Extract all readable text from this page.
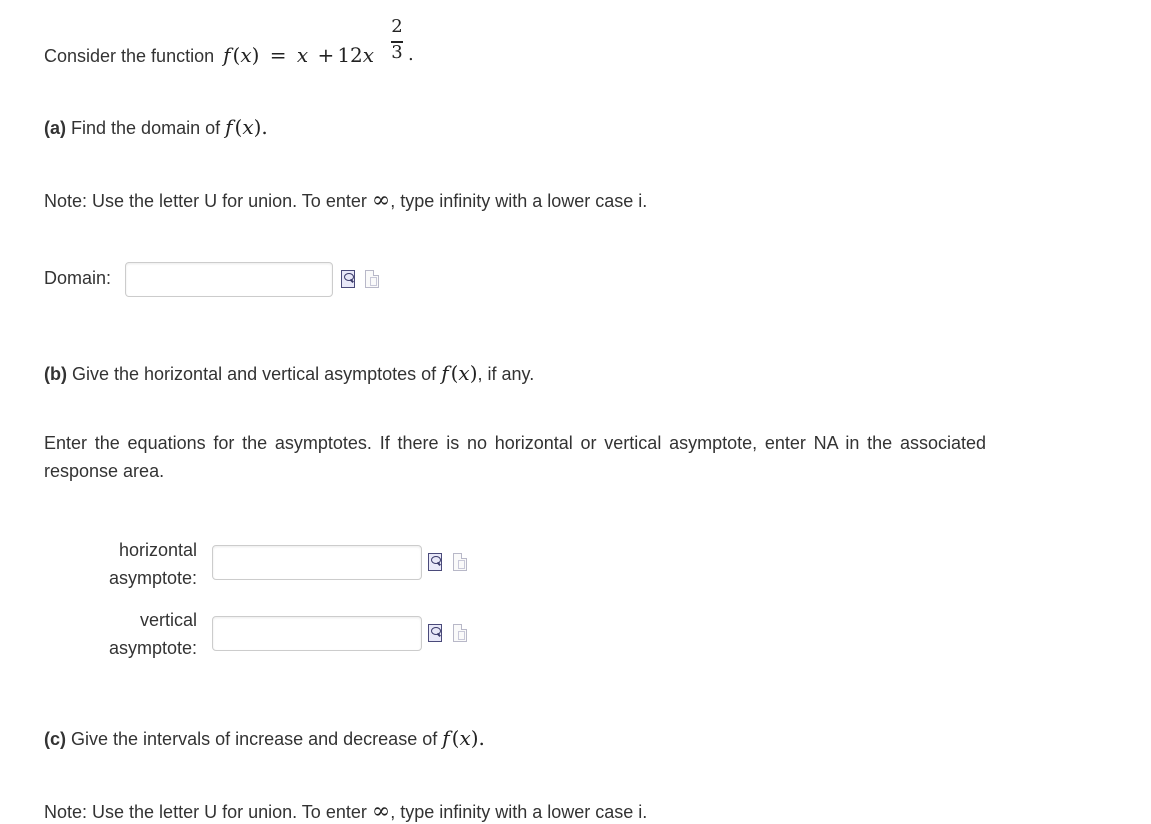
Consider the function f (x) = x + 12x
2
3 .
(a) Find the domain of f (x).
Note: Use the letter U for union. To enter ∞, type infinity with a lower case i.
Domain:
(b) Give the horizontal and vertical asymptotes of f (x), if any.
Enter the equations for the asymptotes. If there is no horizontal or vertical asymptote, enter NA in the associated response area.
horizontal
asymptote:
vertical
asymptote:
(c) Give the intervals of increase and decrease of f (x).
Note: Use the letter U for union. To enter ∞, type infinity with a lower case i.
